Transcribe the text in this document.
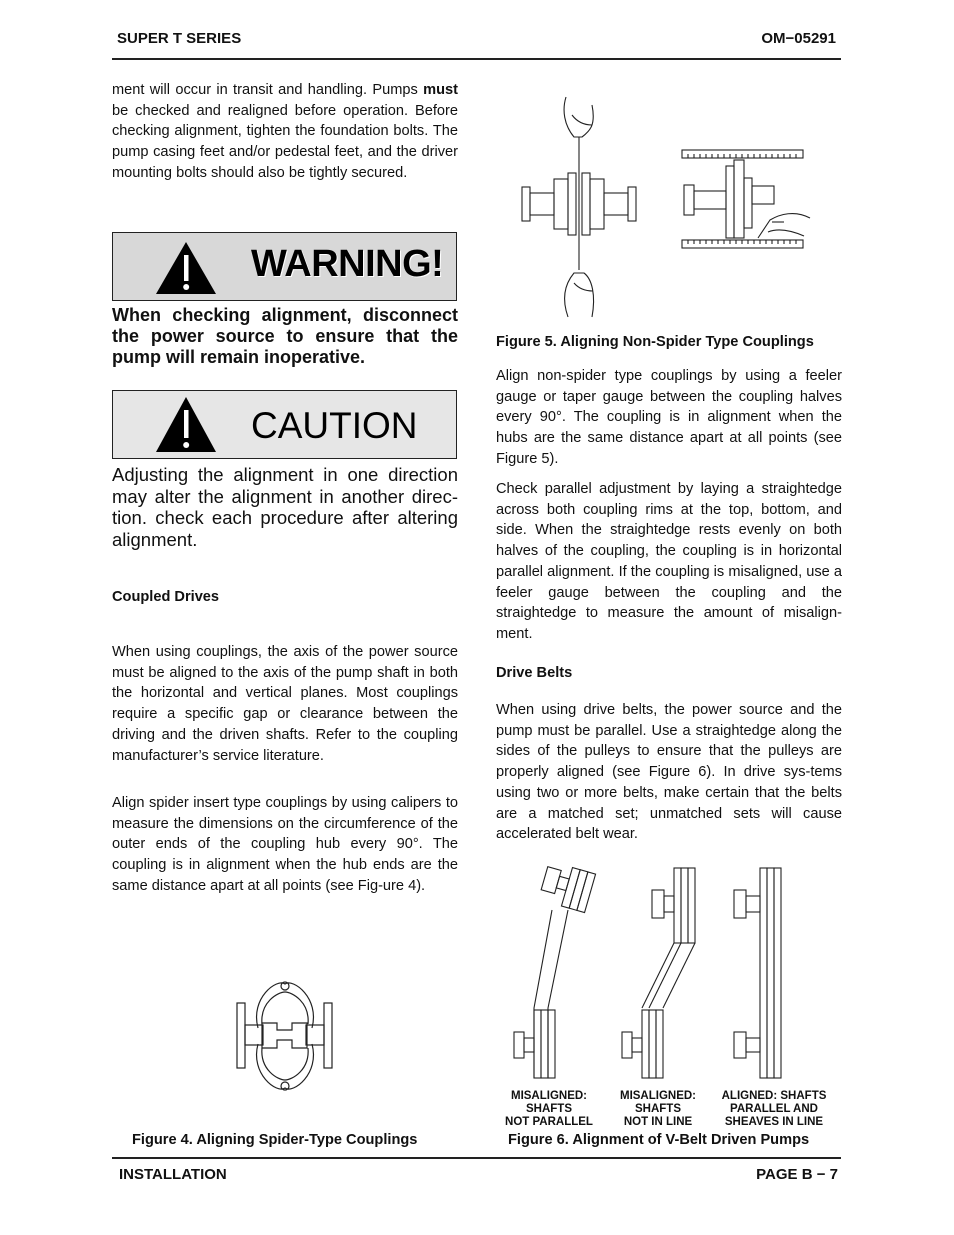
SUPER T SERIES	OM−05291
ment will occur in transit and handling. Pumps must be checked and realigned before operation. Before checking alignment, tighten the foundation bolts. The pump casing feet and/or pedestal feet, and the driver mounting bolts should also be tightly secured.
WARNING!
When checking alignment, disconnect the power source to ensure that the pump will remain inoperative.
CAUTION
Adjusting the alignment in one direction may alter the alignment in another direc-tion. check each procedure after altering alignment.
Coupled Drives
When using couplings, the axis of the power source must be aligned to the axis of the pump shaft in both the horizontal and vertical planes. Most couplings require a specific gap or clearance between the driving and the driven shafts. Refer to the coupling manufacturer’s service literature.
Align spider insert type couplings by using calipers to measure the dimensions on the circumference of the outer ends of the coupling hub every 90°. The coupling is in alignment when the hub ends are the same distance apart at all points (see Fig-ure 4).
Figure 4. Aligning Spider-Type Couplings
Figure 5. Aligning Non-Spider Type Couplings
Align non-spider type couplings by using a feeler gauge or taper gauge between the coupling halves every 90°. The coupling is in alignment when the hubs are the same distance apart at all points (see Figure 5).
Check parallel adjustment by laying a straightedge across both coupling rims at the top, bottom, and side. When the straightedge rests evenly on both halves of the coupling, the coupling is in horizontal parallel alignment. If the coupling is misaligned, use a feeler gauge between the coupling and the straightedge to measure the amount of misalign-ment.
Drive Belts
When using drive belts, the power source and the pump must be parallel. Use a straightedge along the sides of the pulleys to ensure that the pulleys are properly aligned (see Figure 6). In drive sys-tems using two or more belts, make certain that the belts are a matched set; unmatched sets will cause accelerated belt wear.
MISALIGNED:
SHAFTS
NOT PARALLEL
MISALIGNED:
SHAFTS
NOT IN LINE
ALIGNED: SHAFTS
PARALLEL AND
SHEAVES IN LINE
Figure 6. Alignment of V-Belt Driven Pumps
INSTALLATION	PAGE B − 7
